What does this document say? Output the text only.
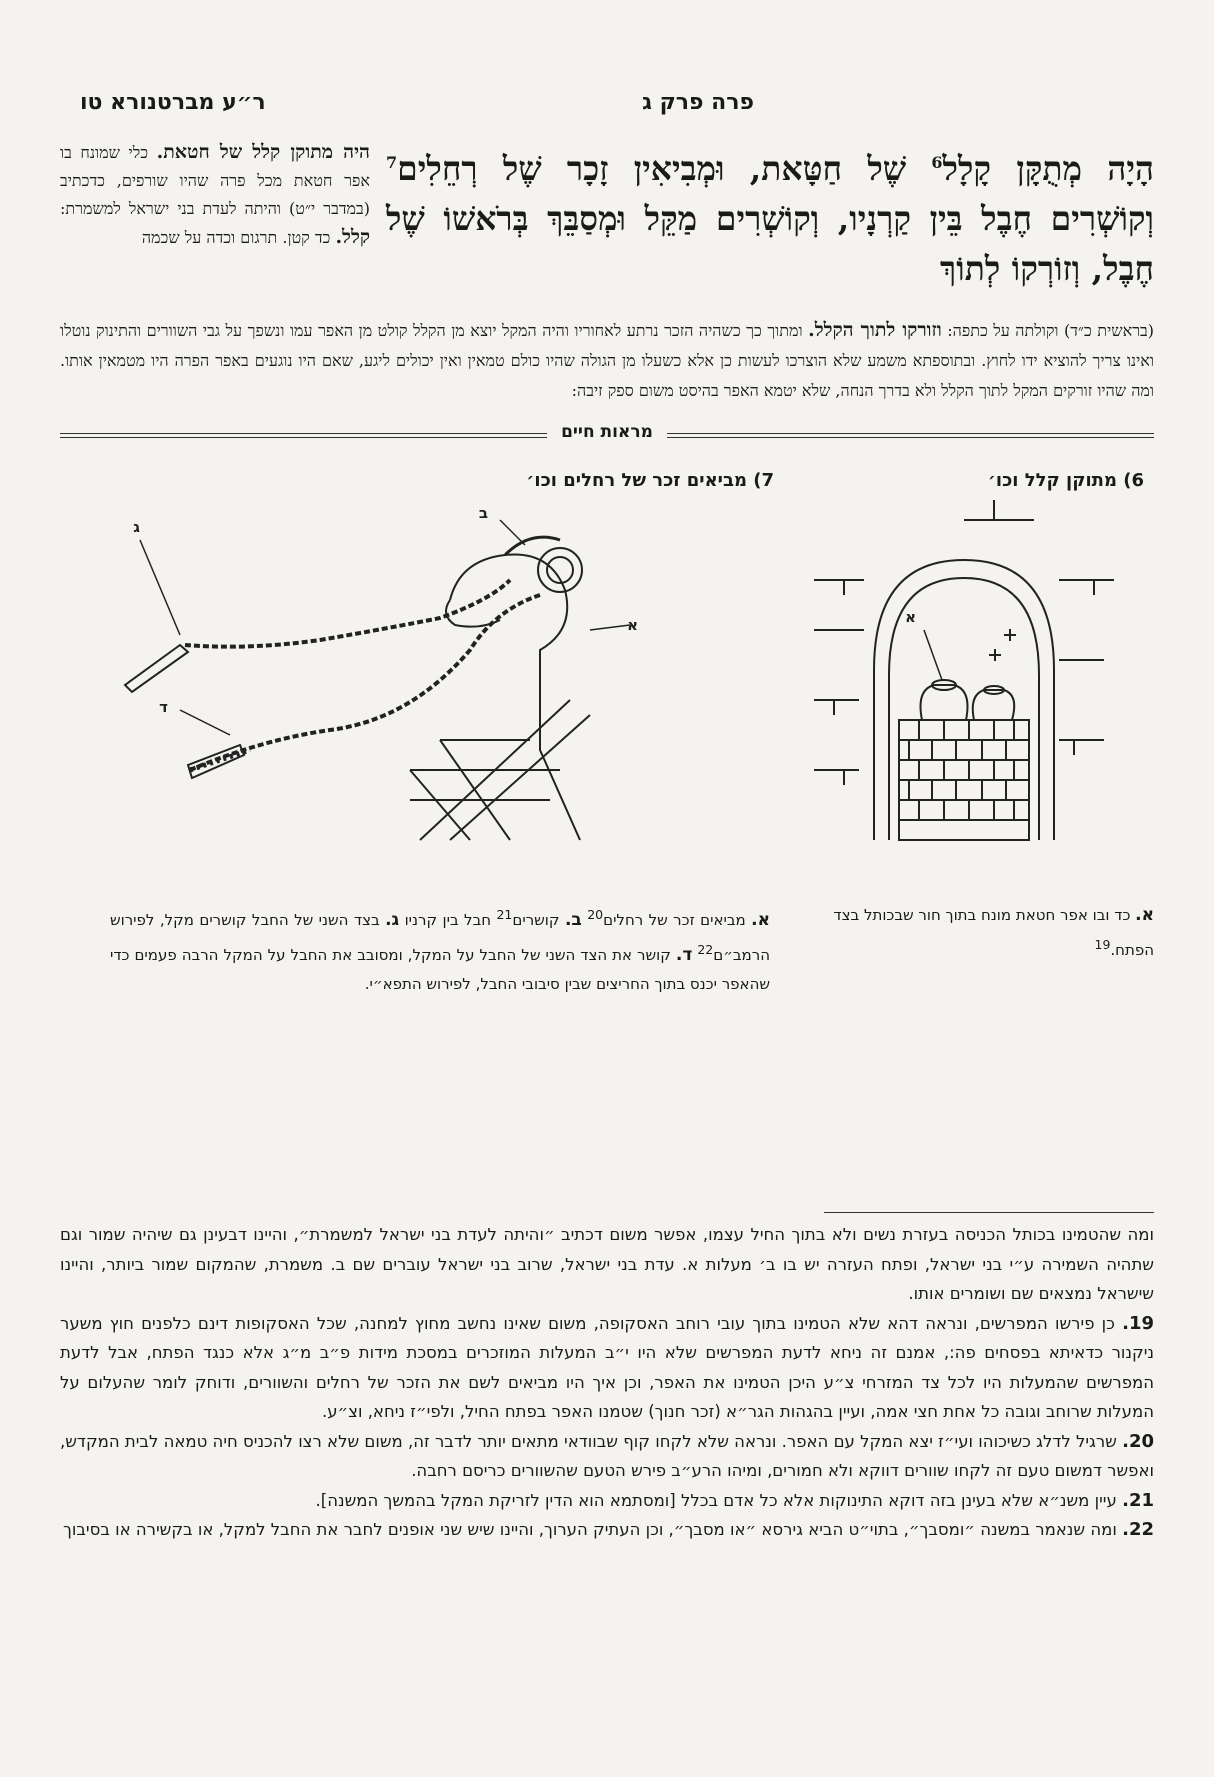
פרה פרק ג
ר״ע מברטנורא טו
הָיָה מְתֻקָּן קָלָל$^6$ שֶׁל חַטָּאת, וּמְבִיאִין זָכָר שֶׁל רְחֵלִים$^7$ וְקוֹשְׁרִים חֶבֶל בֵּין קַרְנָיו, וְקוֹשְׁרִים מַקֵּל וּמְסַבֵּךְ בְּרֹאשׁוֹ שֶׁל חֶבֶל, וְזוֹרְקוֹ לְתוֹךְ
היה מתוקן קלל של חטאת. כלי שמונח בו אפר חטאת מכל פרה שהיו שורפים, כדכתיב (במדבר י״ט) והיתה לעדת בני ישראל למשמרת: קלל. כד קטן. תרגום וכדה על שכמה
(בראשית כ״ד) וקולתה על כתפה: וזורקו לתוך הקלל. ומתוך כך כשהיה הזכר נרתע לאחוריו והיה המקל יוצא מן הקלל קולט מן האפר עמו ונשפך על גבי השוורים והתינוק נוטלו ואינו צריך להוציא ידו לחוץ. ובתוספתא משמע שלא הוצרכו לעשות כן אלא כשעלו מן הגולה שהיו כולם טמאין ואין יכולים ליגע, שאם היו נוגעים באפר הפרה היו מטמאין אותו. ומה שהיו זורקים המקל לתוך הקלל ולא בדרך הנחה, שלא יטמא האפר בהיסט משום ספק זיבה:
מראות חיים
6) מתוקן קלל וכו׳
7) מביאים זכר של רחלים וכו׳
א
ג
ב
א
ד
א. כד ובו אפר חטאת מונח בתוך חור שבכותל בצד הפתח.$^{19}$
א. מביאים זכר של רחלים$^{20}$ ב. קושרים$^{21}$ חבל בין קרניו ג. בצד השני של החבל קושרים מקל, לפירוש הרמב״ם$^{22}$ ד. קושר את הצד השני של החבל על המקל, ומסובב את החבל על המקל הרבה פעמים כדי שהאפר יכנס בתוך החריצים שבין סיבובי החבל, לפירוש התפא״י.

ומה שהטמינו בכותל הכניסה בעזרת נשים ולא בתוך החיל עצמו, אפשר משום דכתיב ״והיתה לעדת בני ישראל למשמרת״, והיינו דבעינן גם שיהיה שמור וגם שתהיה השמירה ע״י בני ישראל, ופתח העזרה יש בו ב׳ מעלות א. עדת בני ישראל, שרוב בני ישראל עוברים שם ב. משמרת, שהמקום שמור ביותר, והיינו שישראל נמצאים שם ושומרים אותו.

19. כן פירשו המפרשים, ונראה דהא שלא הטמינו בתוך עובי רוחב האסקופה, משום שאינו נחשב מחוץ למחנה, שכל האסקופות דינם כלפנים חוץ משער ניקנור כדאיתא בפסחים פה:, אמנם זה ניחא לדעת המפרשים שלא היו י״ב המעלות המוזכרים במסכת מידות פ״ב מ״ג אלא כנגד הפתח, אבל לדעת המפרשים שהמעלות היו לכל צד המזרחי צ״ע היכן הטמינו את האפר, וכן איך היו מביאים לשם את הזכר של רחלים והשוורים, ודוחק לומר שהעלום על המעלות שרוחב וגובה כל אחת חצי אמה, ועיין בהגהות הגר״א (זכר חנוך) שטמנו האפר בפתח החיל, ולפי״ז ניחא, וצ״ע.

20. שרגיל לדלג כשיכוהו ועי״ז יצא המקל עם האפר. ונראה שלא לקחו קוף שבוודאי מתאים יותר לדבר זה, משום שלא רצו להכניס חיה טמאה לבית המקדש, ואפשר דמשום טעם זה לקחו שוורים דווקא ולא חמורים, ומיהו הרע״ב פירש הטעם שהשוורים כריסם רחבה.

21. עיין משנ״א שלא בעינן בזה דוקא התינוקות אלא כל אדם בכלל [ומסתמא הוא הדין לזריקת המקל בהמשך המשנה].

22. ומה שנאמר במשנה ״ומסבך״, בתוי״ט הביא גירסא ״או מסבך״, וכן העתיק הערוך, והיינו שיש שני אופנים לחבר את החבל למקל, או בקשירה או בסיבוך
